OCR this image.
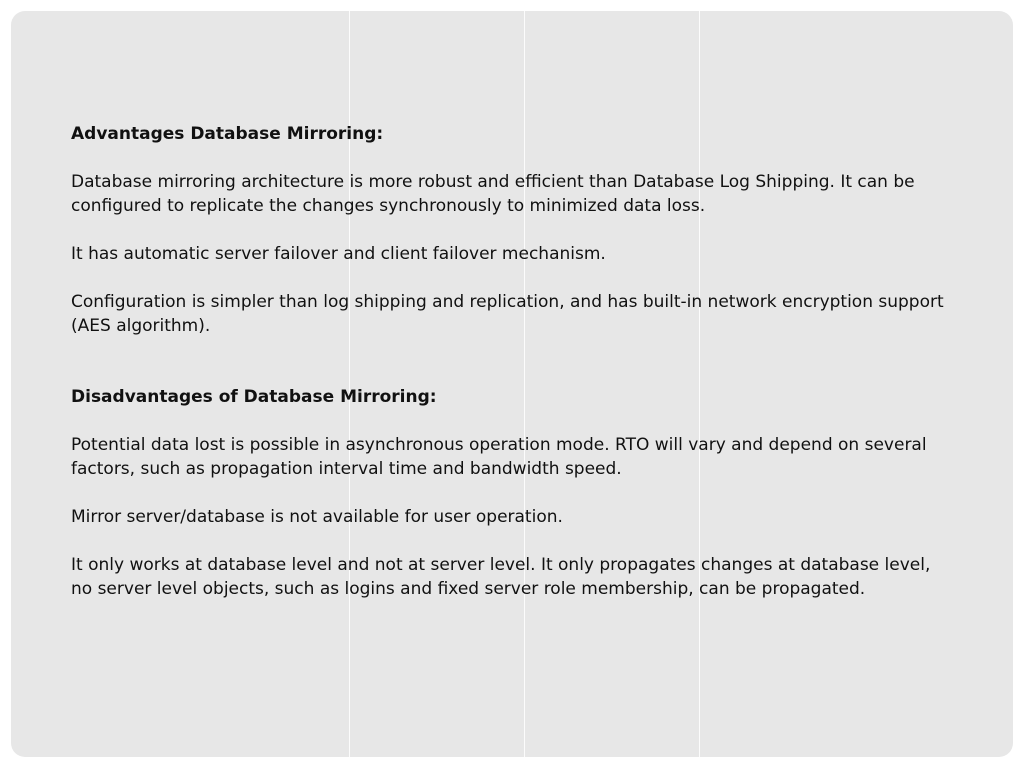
Advantages Database Mirroring:

Database mirroring architecture is more robust and efficient than Database Log Shipping. It can be configured to replicate the changes synchronously to minimized data loss.

It has automatic server failover and client failover mechanism.

Configuration is simpler than log shipping and replication, and has built-in network encryption support (AES algorithm).

Disadvantages of Database Mirroring:

Potential data lost is possible in asynchronous operation mode. RTO will vary and depend on several factors, such as propagation interval time and bandwidth speed.

Mirror server/database is not available for user operation.

It only works at database level and not at server level. It only propagates changes at database level, no server level objects, such as logins and fixed server role membership, can be propagated.
